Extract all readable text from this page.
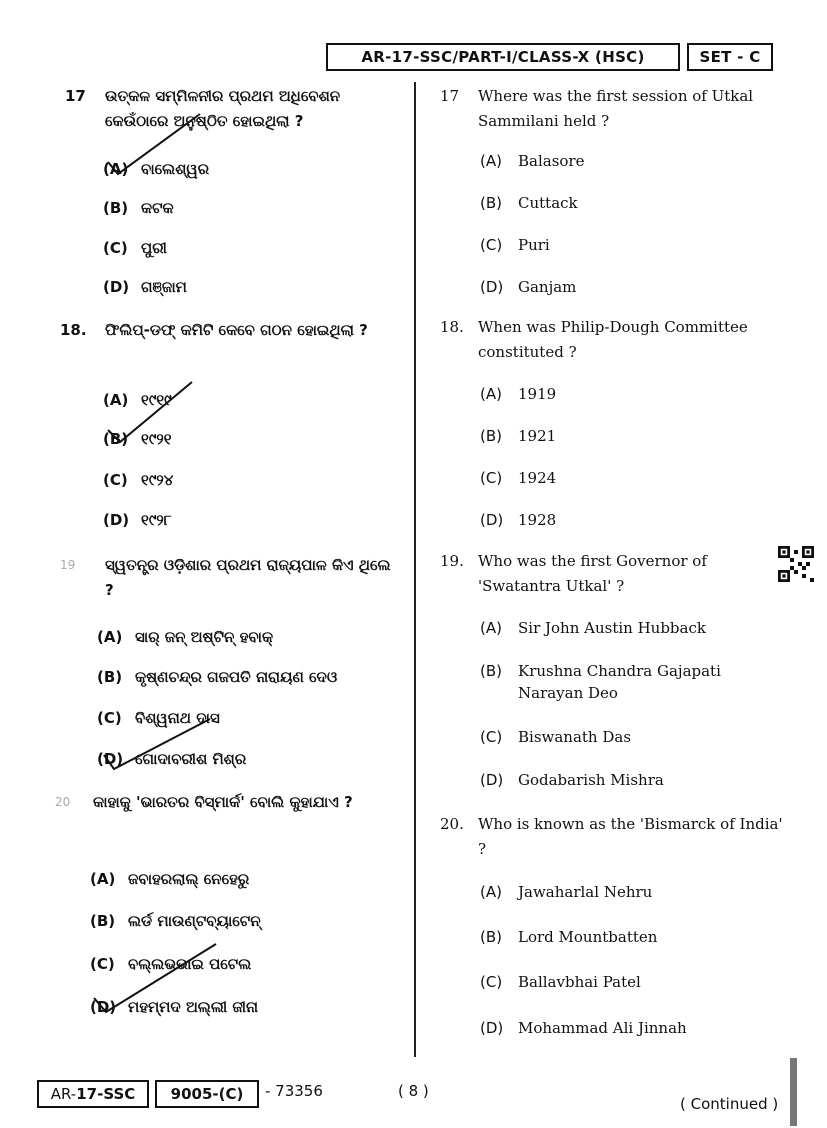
AR-17-SSC/PART-I/CLASS-X (HSC)	SET - C
17	ଉତ୍କଳ ସମ୍ମିଳନୀର ପ୍ରଥମ ଅଧିବେଶନ କେଉଁଠାରେ ଅନୁଷ୍ଠିତ ହୋଇଥିଲା ?
(A) ବାଲେଶ୍ୱର
(B) କଟକ
(C) ପୁରୀ
(D) ଗଞ୍ଜାମ
18.	ଫିଲିପ୍-ଡଫ୍ କମିଟି କେବେ ଗଠନ ହୋଇଥିଲା ?
(A) ୧୯୧୯
(B) ୧୯୨୧
(C) ୧୯୨୪
(D) ୧୯୨୮
19	ସ୍ୱତନ୍ତ୍ର ଓଡ଼ିଶାର ପ୍ରଥମ ରାଜ୍ୟପାଳ କିଏ ଥିଲେ ?
(A) ସାର୍ ଜନ୍ ଅଷ୍ଟିନ୍ ହବାକ୍
(B) କୃଷ୍ଣଚନ୍ଦ୍ର ଗଜପତି ନାରାୟଣ ଦେଓ
(C) ବିଶ୍ୱନାଥ ଦାସ
(D) ଗୋଦାବରୀଶ ମିଶ୍ର
20	କାହାକୁ 'ଭାରତର ବିସ୍ମାର୍କ' ବୋଲି କୁହାଯାଏ ?
(A) ଜବାହରଲାଲ୍ ନେହେରୁ
(B) ଲର୍ଡ ମାଉଣ୍ଟବ୍ୟାଟେନ୍
(C) ବଲ୍ଲଭଭାଇ ପଟେଲ
(D) ମହମ୍ମଦ ଅଲ୍ଲୀ ଜୀନା
17	Where was the first session of Utkal Sammilani held ?
(A) Balasore
(B) Cuttack
(C) Puri
(D) Ganjam
18. When was Philip-Dough Committee constituted ?
(A) 1919
(B) 1921
(C) 1924
(D) 1928
19. Who was the first Governor of 'Swatantra Utkal' ?
(A) Sir John Austin Hubback
(B)	Krushna Chandra Gajapati Narayan Deo
(C) Biswanath Das
(D) Godabarish Mishra
20. Who is known as the 'Bismarck of India' ?
(A) Jawaharlal Nehru
(B) Lord Mountbatten
(C) Ballavbhai Patel
(D) Mohammad Ali Jinnah
AR-17-SSC	9005-(C)	- 73356	( 8 )
( Continued )
